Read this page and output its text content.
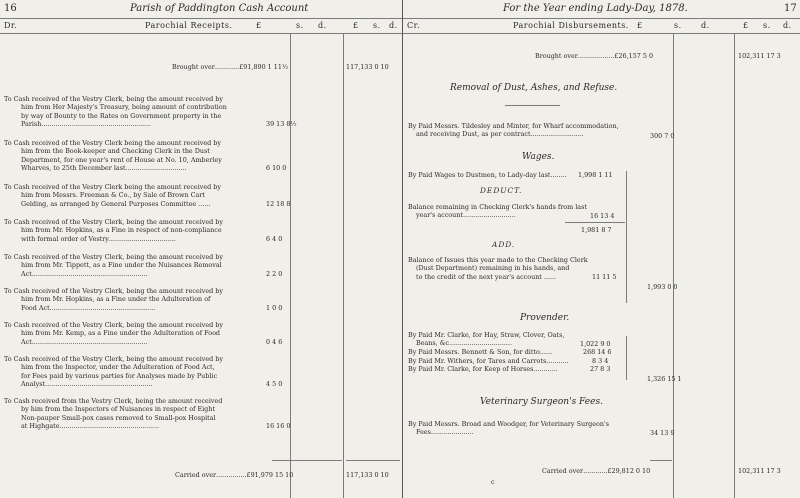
16	Parish of Paddington Cash Account	For the Year ending Lady-Day, 1878.	17
Dr.	Parochial Receipts.	£	s. d.	£ s. d. Cr.	Parochial Disbursements. £	s. d.	£ s. d.
Brought over............£91,890 1 11½	117,133 0 10
To Cash received of the Vestry Clerk, being the amount received by
him from Her Majesty's Treasury, being amount of contribution
by way of Bounty to the Rates on Government property in the
Parish......................................................	39 13 8½
To Cash received of the Vestry Clerk being the amount received by
him from the Book-keeper and Checking Clerk in the Dust
Department, for one year's rent of House at No. 10, Amberley
Wharves, to 25th December last..............................	6 10 0
To Cash received of the Vestry Clerk being the amount received by
him from Messrs. Freeman & Co., by Sale of Brown Cart
Gelding, as arranged by General Purposes Committee ......	12 18 8
To Cash received of the Vestry Clerk, being the amount received by
him from Mr. Hopkins, as a Fine in respect of non-compliance
with formal order of Vestry.................................	6 4 0
To Cash received of the Vestry Clerk, being the amount received by
him from Mr. Tippett, as a Fine under the Nuisances Removal
Act.........................................................	2 2 0
To Cash received of the Vestry Clerk, being the amount received by
him from Mr. Hopkins, as a Fine under the Adulteration of
Food Act....................................................	1 0 0
To Cash received of the Vestry Clerk, being the amount received by
him from Mr. Kemp, as a Fine under the Adulteration of Food
Act.........................................................	0 4 6
To Cash received of the Vestry Clerk, being the amount received by
him from the Inspector, under the Adulteration of Food Act,
for Fees paid by various parties for Analyses made by Public
Analyst.....................................................	4 5 0
To Cash received from the Vestry Clerk, being the amount received
by him from the Inspectors of Nuisances in respect of Eight
Non-pauper Small-pox cases removed to Small-pox Hospital
at Highgate.................................................	16 16 0
Carried over...............£91,979 15 10	117,133 0 10
Brought over..................£26,157 5 0	102,311 17 3
Removal of Dust, Ashes, and Refuse.
By Paid Messrs. Tildesley and Minter, for Wharf accommodation,
and receiving Dust, as per contract..........................	300 7 0
Wages.
By Paid Wages to Dustmen, to Lady-day last........ 1,998 1 11
DEDUCT.
Balance remaining in Checking Clerk's hands from last
year's account..........................	16 13 4
1,981 8 7
ADD.
Balance of Issues this year made to the Checking Clerk
(Dust Department) remaining in his hands, and
to the credit of the next year's account ......	11 11 5
1,993 0 0
Provender.
By Paid Mr. Clarke, for Hay, Straw, Clover, Oats,
Beans, &c...............................	1,022 9 0
By Paid Messrs. Bennett & Son, for ditto......	268 14 6
By Paid Mr. Withers, for Tares and Carrots...........	8 3 4
By Paid Mr. Clarke, for Keep of Horses............	27 8 3
1,326 15 1
Veterinary Surgeon's Fees.
By Paid Messrs. Broad and Woodger, for Veterinary Surgeon's
Fees.....................	34 13 9
Carried over............£29,812 0 10	102,311 17 3
c
